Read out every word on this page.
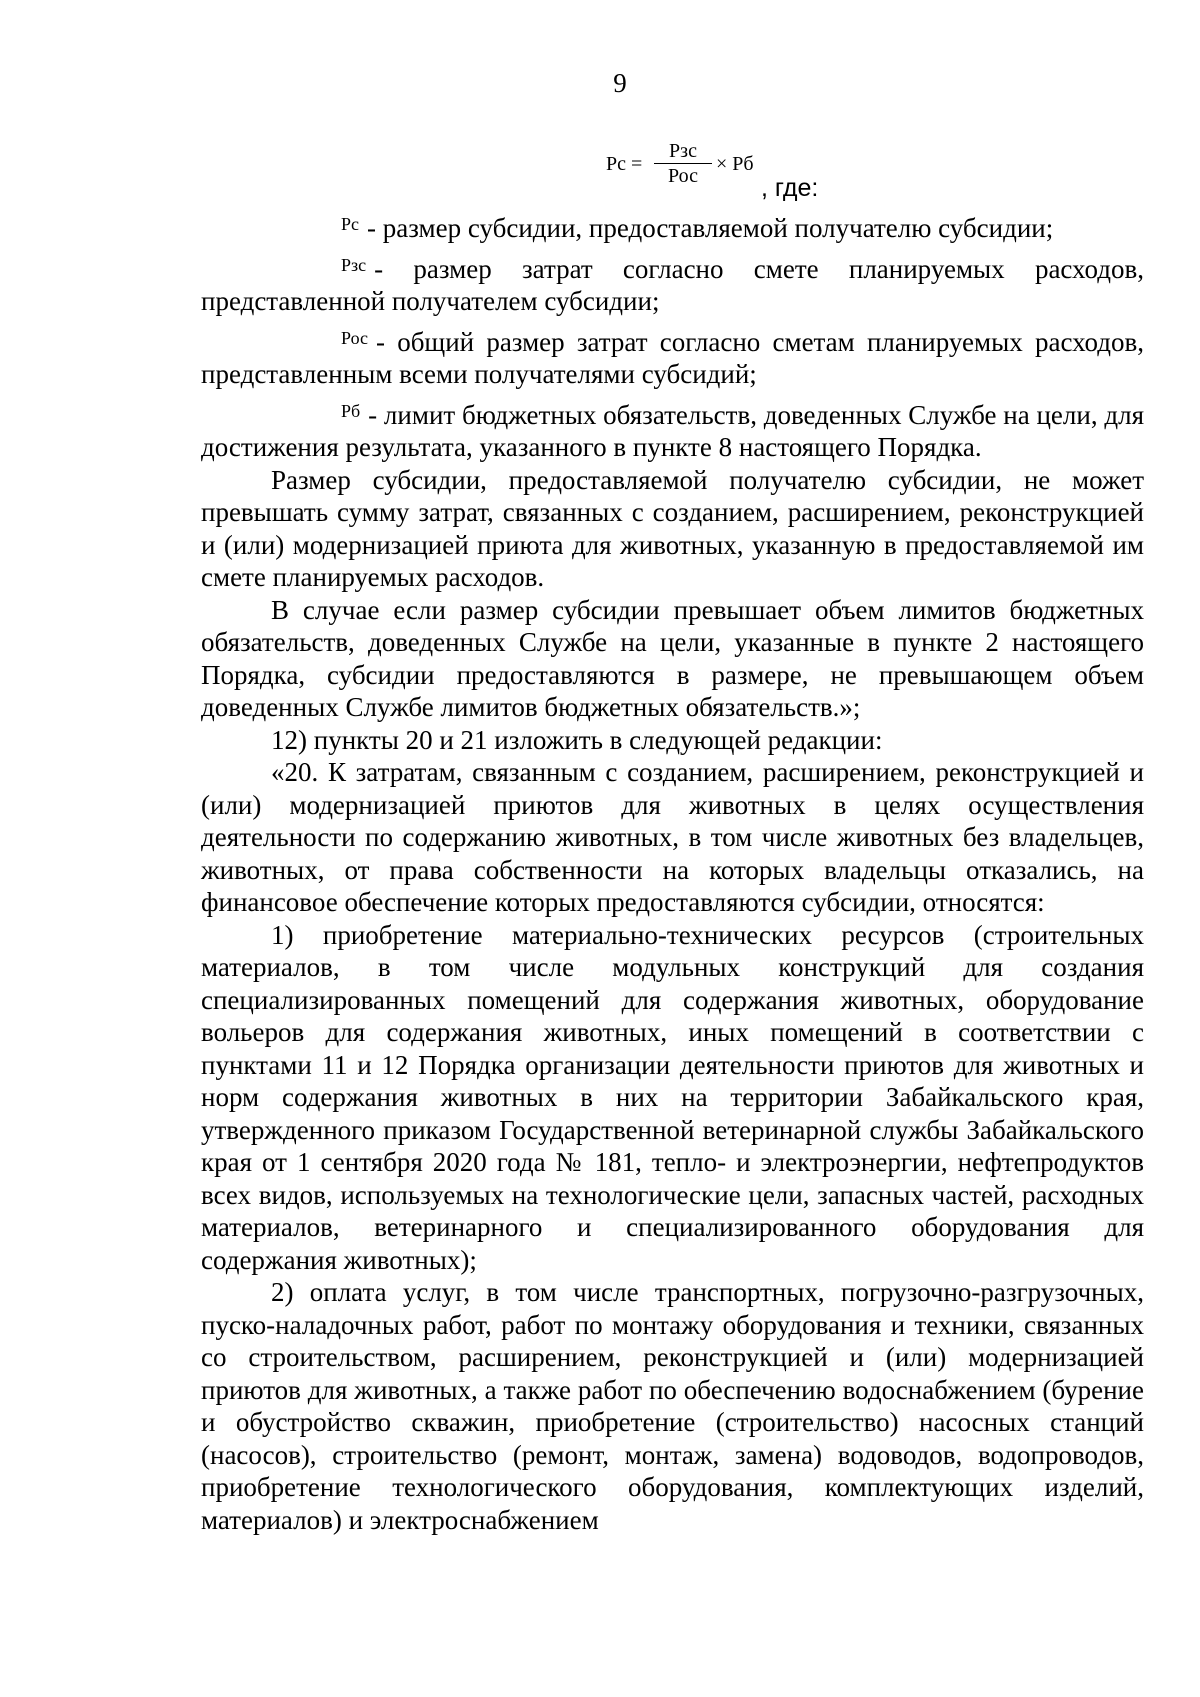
9
Рс =
Рзс
Рос
× Рб
, где:

Рс - размер субсидии, предоставляемой получателю субсидии;

Рзс - размер затрат согласно смете планируемых расходов, представленной получателем субсидии;

Рос - общий размер затрат согласно сметам планируемых расходов, представленным всеми получателями субсидий;

Рб - лимит бюджетных обязательств, доведенных Службе на цели, для достижения результата, указанного в пункте 8 настоящего Порядка.

Размер субсидии, предоставляемой получателю субсидии, не может превышать сумму затрат, связанных с созданием, расширением, реконструкцией и (или) модернизацией приюта для животных, указанную в предоставляемой им смете планируемых расходов.

В случае если размер субсидии превышает объем лимитов бюджетных обязательств, доведенных Службе на цели, указанные в пункте 2 настоящего Порядка, субсидии предоставляются в размере, не превышающем объем доведенных Службе лимитов бюджетных обязательств.»;

12) пункты 20 и 21 изложить в следующей редакции:

«20. К затратам, связанным с созданием, расширением, реконструкцией и (или) модернизацией приютов для животных в целях осуществления деятельности по содержанию животных, в том числе животных без владельцев, животных, от права собственности на которых владельцы отказались, на финансовое обеспечение которых предоставляются субсидии, относятся:

1) приобретение материально-технических ресурсов (строительных материалов, в том числе модульных конструкций для создания специализированных помещений для содержания животных, оборудование вольеров для содержания животных, иных помещений в соответствии с пунктами 11 и 12 Порядка организации деятельности приютов для животных и норм содержания животных в них на территории Забайкальского края, утвержденного приказом Государственной ветеринарной службы Забайкальского края от 1 сентября 2020 года № 181, тепло- и электроэнергии, нефтепродуктов всех видов, используемых на технологические цели, запасных частей, расходных материалов, ветеринарного и специализированного оборудования для содержания животных);

2) оплата услуг, в том числе транспортных, погрузочно-разгрузочных, пуско-наладочных работ, работ по монтажу оборудования и техники, связанных со строительством, расширением, реконструкцией и (или) модернизацией приютов для животных, а также работ по обеспечению водоснабжением (бурение и обустройство скважин, приобретение (строительство) насосных станций (насосов), строительство (ремонт, монтаж, замена) водоводов, водопроводов, приобретение технологического оборудования, комплектующих изделий, материалов) и электроснабжением
